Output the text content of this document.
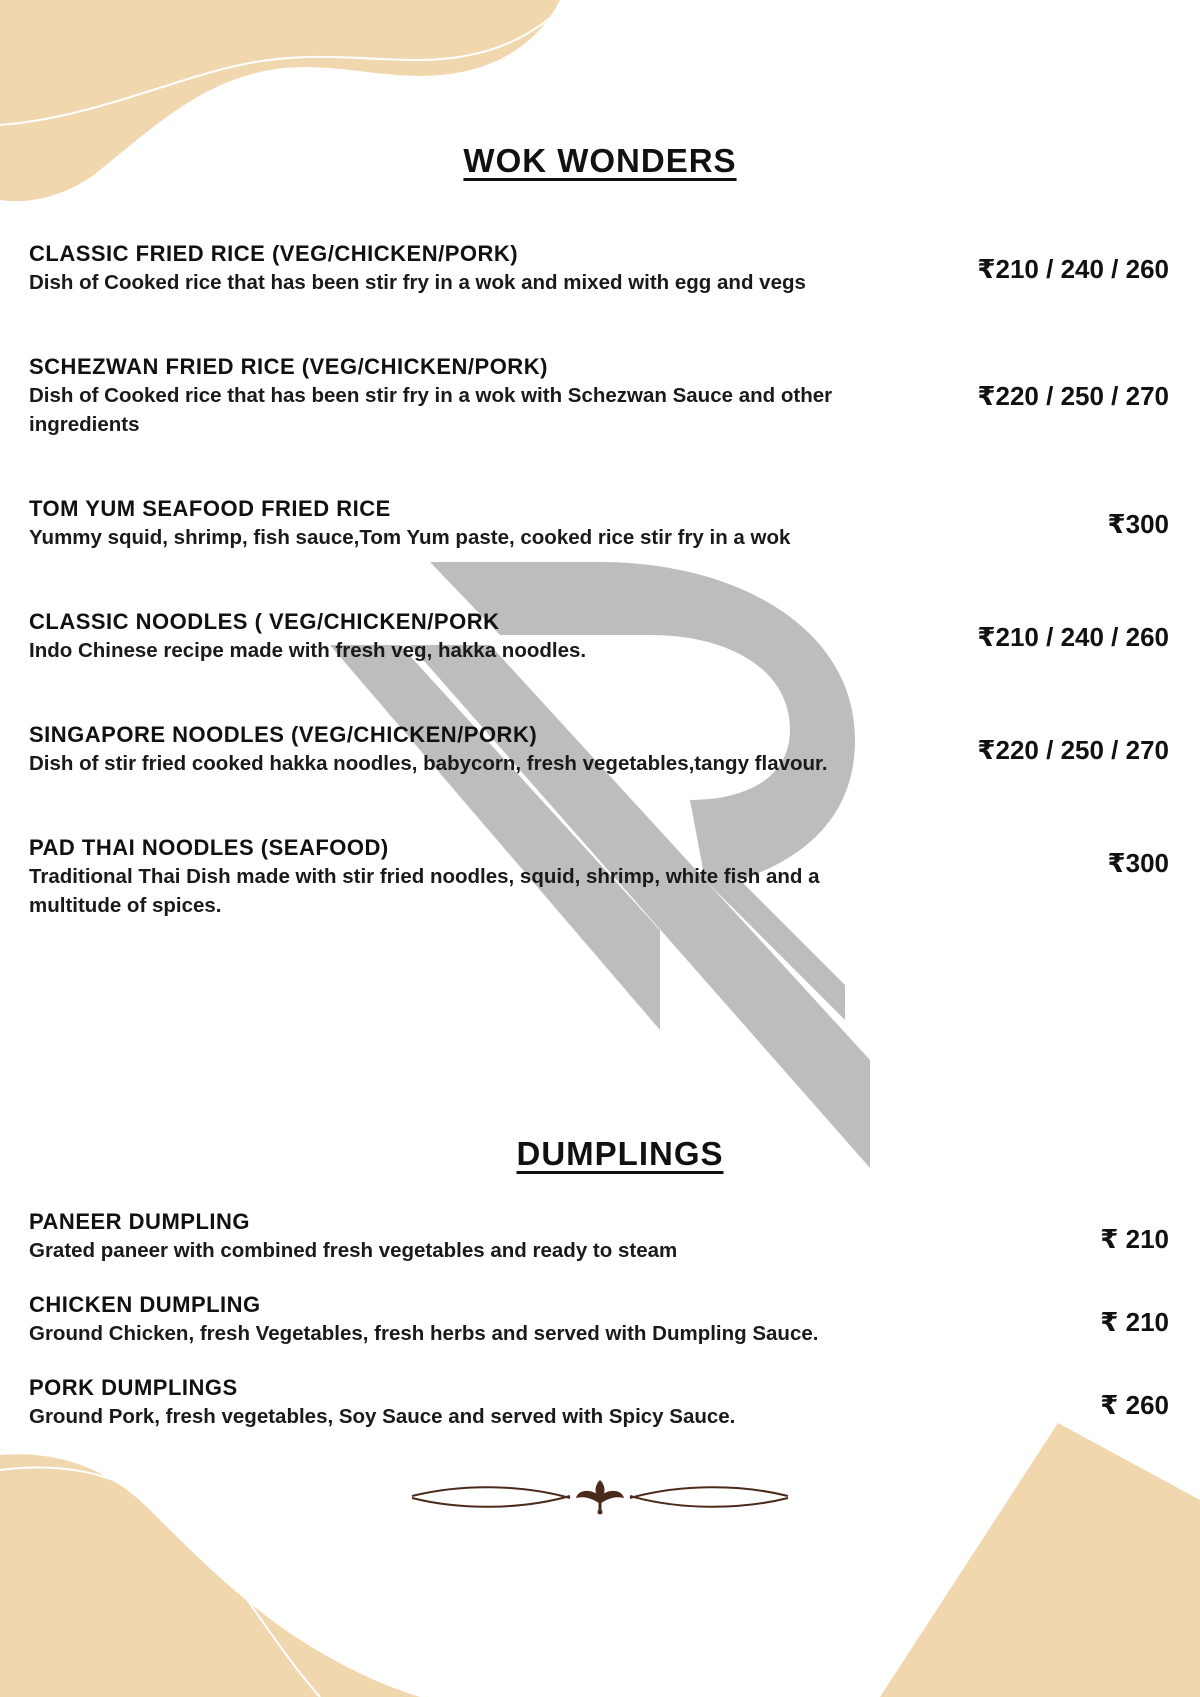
WOK WONDERS

CLASSIC FRIED RICE (VEG/CHICKEN/PORK)

Dish of Cooked rice that has been stir fry in a wok and mixed with egg and vegs	₹210 / 240 / 260

SCHEZWAN FRIED RICE (VEG/CHICKEN/PORK)

Dish of Cooked rice that has been stir fry in a wok with Schezwan Sauce and other ingredients

₹220 / 250 / 270

TOM YUM SEAFOOD FRIED RICE

Yummy squid, shrimp, fish sauce,Tom Yum paste, cooked rice stir fry in a wok	₹300

CLASSIC NOODLES ( VEG/CHICKEN/PORK

Indo Chinese recipe made with fresh veg, hakka noodles.	₹210 / 240 / 260

SINGAPORE NOODLES (VEG/CHICKEN/PORK)

Dish of stir fried cooked hakka noodles, babycorn, fresh vegetables,tangy flavour.	₹220 / 250 / 270

PAD THAI NOODLES (SEAFOOD)

Traditional Thai Dish made with stir fried noodles, squid, shrimp, white fish and a multitude of spices.

₹300
DUMPLINGS

PANEER DUMPLING

Grated paneer with combined fresh vegetables and ready to steam	₹ 210

CHICKEN DUMPLING

Ground Chicken, fresh Vegetables, fresh herbs and served with Dumpling Sauce.	₹ 210

PORK DUMPLINGS

Ground Pork, fresh vegetables, Soy Sauce and served with Spicy Sauce.	₹ 260
